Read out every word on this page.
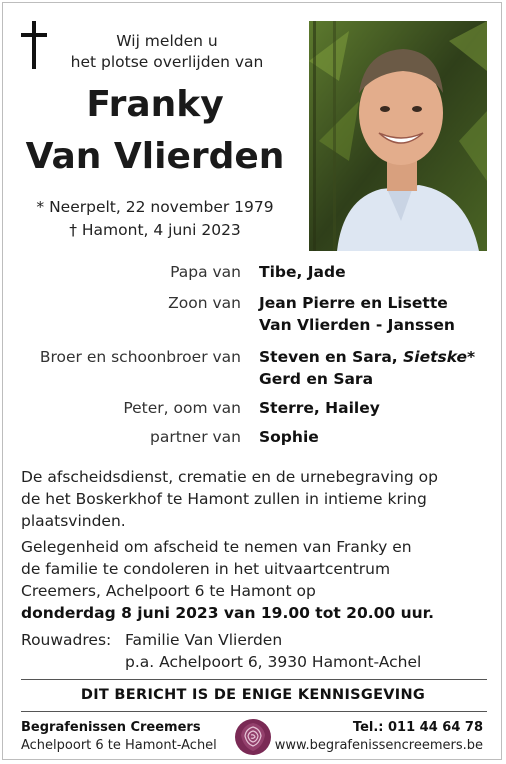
Wij melden u
het plotse overlijden van
Franky
Van Vlierden
* Neerpelt, 22 november 1979
† Hamont, 4 juni 2023
Papa van Tibe, Jade
Zoon van Jean Pierre en Lisette
Van Vlierden - Janssen
Broer en schoonbroer van Steven en Sara, Sietske*
Gerd en Sara
Peter, oom van Sterre, Hailey
partner van Sophie
De afscheidsdienst, crematie en de urnebegraving op
de het Boskerkhof te Hamont zullen in intieme kring
plaatsvinden.
Gelegenheid om afscheid te nemen van Franky en
de familie te condoleren in het uitvaartcentrum
Creemers, Achelpoort 6 te Hamont op
donderdag 8 juni 2023 van 19.00 tot 20.00 uur.
Rouwadres: Familie Van Vlierden
p.a. Achelpoort 6, 3930 Hamont-Achel
DIT BERICHT IS DE ENIGE KENNISGEVING
Begrafenissen Creemers
Achelpoort 6 te Hamont-Achel
Tel.: 011 44 64 78
www.begrafenissencreemers.be
